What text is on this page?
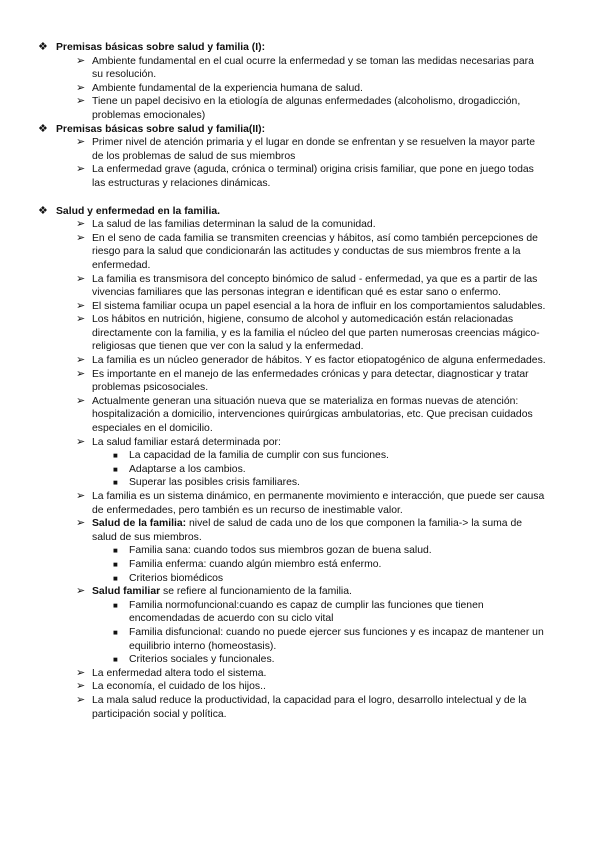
❖ Premisas básicas sobre salud y familia (I):
➢ Ambiente fundamental en el cual ocurre la enfermedad y se toman las medidas necesarias para su resolución.
➢ Ambiente fundamental de la experiencia humana de salud.
➢ Tiene un papel decisivo en la etiología de algunas enfermedades (alcoholismo, drogadicción, problemas emocionales)
❖ Premisas básicas sobre salud y familia(II):
➢ Primer nivel de atención primaria y el lugar en donde se enfrentan y se resuelven la mayor parte de los problemas de salud de sus miembros
➢ La enfermedad grave (aguda, crónica o terminal) origina crisis familiar, que pone en juego todas las estructuras y relaciones dinámicas.
❖ Salud y enfermedad en la familia.
➢ La salud de las familias determinan la salud de la comunidad.
➢ En el seno de cada familia se transmiten creencias y hábitos, así como también percepciones de riesgo para la salud que condicionarán las actitudes y conductas de sus miembros frente a la enfermedad.
➢ La familia es transmisora del concepto binómico de salud - enfermedad, ya que es a partir de las vivencias familiares que las personas integran e identifican qué es estar sano o enfermo.
➢ El sistema familiar ocupa un papel esencial a la hora de influir en los comportamientos saludables.
➢ Los hábitos en nutrición, higiene, consumo de alcohol y automedicación están relacionadas directamente con la familia, y es la familia el núcleo del que parten numerosas creencias mágico- religiosas que tienen que ver con la salud y la enfermedad.
➢ La familia es un núcleo generador de hábitos. Y es factor etiopatogénico de alguna enfermedades.
➢ Es importante en el manejo de las enfermedades crónicas y para detectar, diagnosticar y tratar problemas psicosociales.
➢ Actualmente generan una situación nueva que se materializa en formas nuevas de atención: hospitalización a domicilio, intervenciones quirúrgicas ambulatorias, etc. Que precisan cuidados especiales en el domicilio.
➢ La salud familiar estará determinada por:
■ La capacidad de la familia de cumplir con sus funciones.
■ Adaptarse a los cambios.
■ Superar las posibles crisis familiares.
➢ La familia es un sistema dinámico, en permanente movimiento e interacción, que puede ser causa de enfermedades, pero también es un recurso de inestimable valor.
➢ Salud de la familia: nivel de salud de cada uno de los que componen la familia-> la suma de salud de sus miembros.
■ Familia sana: cuando todos sus miembros gozan de buena salud.
■ Familia enferma: cuando algún miembro está enfermo.
■ Criterios biomédicos
➢ Salud familiar se refiere al funcionamiento de la familia.
■ Familia normofuncional:cuando es capaz de cumplir las funciones que tienen encomendadas de acuerdo con su ciclo vital
■ Familia disfuncional: cuando no puede ejercer sus funciones y es incapaz de mantener un equilibrio interno (homeostasis).
■ Criterios sociales y funcionales.
➢ La enfermedad altera todo el sistema.
➢ La economía, el cuidado de los hijos..
➢ La mala salud reduce la productividad, la capacidad para el logro, desarrollo intelectual y de la participación social y política.
